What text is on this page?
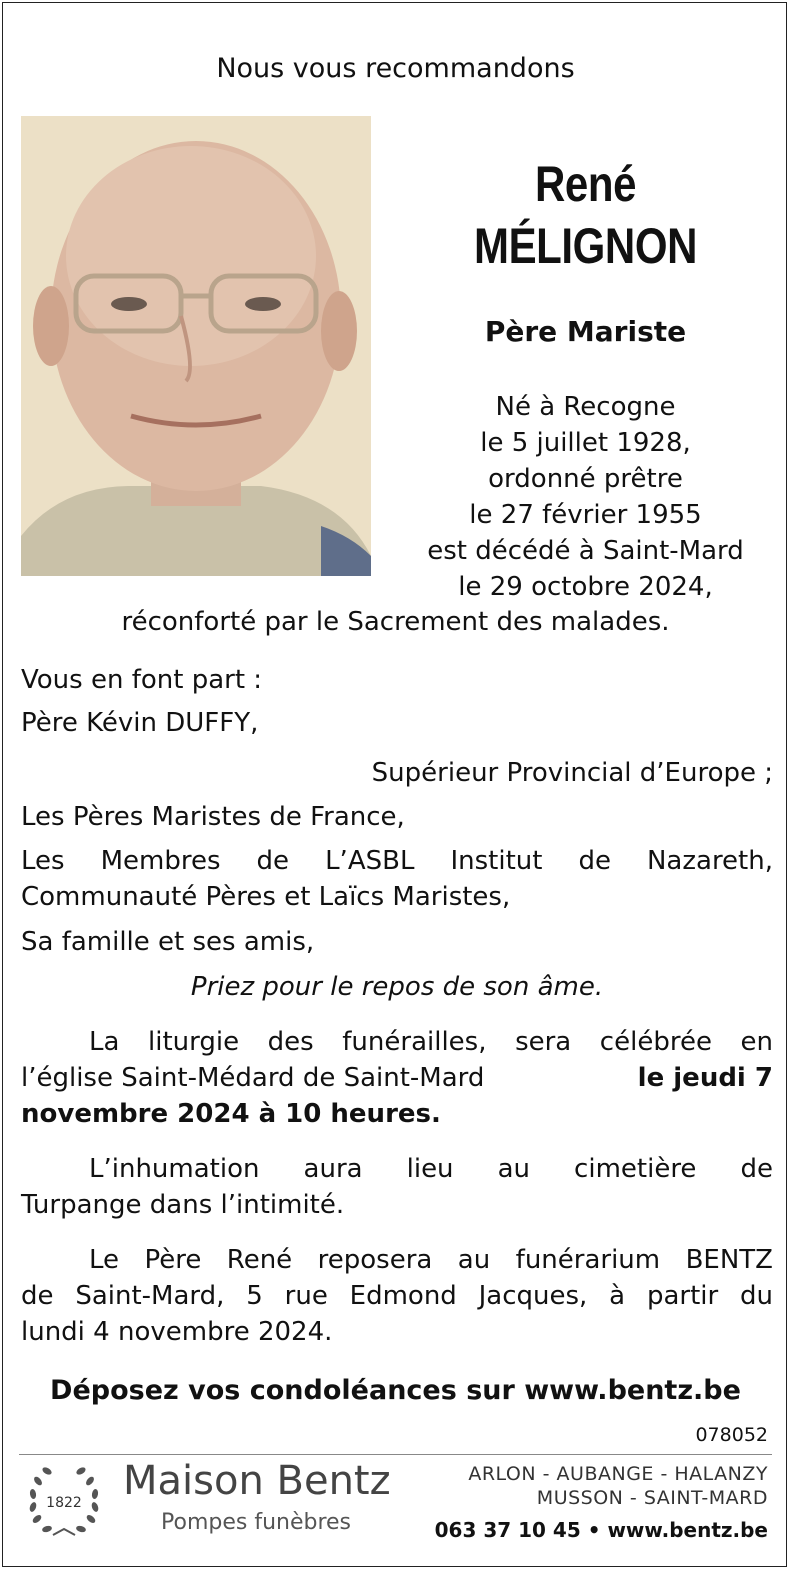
Nous vous recommandons
René
MÉLIGNON
Père Mariste
Né à Recogne
le 5 juillet 1928,
ordonné prêtre
le 27 février 1955
est décédé à Saint-Mard
le 29 octobre 2024,
réconforté par le Sacrement des malades.
Vous en font part :
Père Kévin DUFFY,
Supérieur Provincial d’Europe ;
Les Pères Maristes de France,
Les Membres de L’ASBL Institut de Nazareth,
Communauté Pères et Laïcs Maristes,
Sa famille et ses amis,
Priez pour le repos de son âme.
La liturgie des funérailles, sera célébrée en
l’église Saint-Médard de Saint-Mard	le jeudi 7
novembre 2024 à 10 heures.
L’inhumation aura lieu au cimetière de
Turpange dans l’intimité.
Le Père René reposera au funérarium BENTZ
de Saint-Mard, 5 rue Edmond Jacques, à partir du
lundi 4 novembre 2024.
Déposez vos condoléances sur www.bentz.be
078052
1822 Maison Bentz
Pompes funèbres
ARLON - AUBANGE - HALANZY
MUSSON - SAINT-MARD
063 37 10 45 • www.bentz.be
